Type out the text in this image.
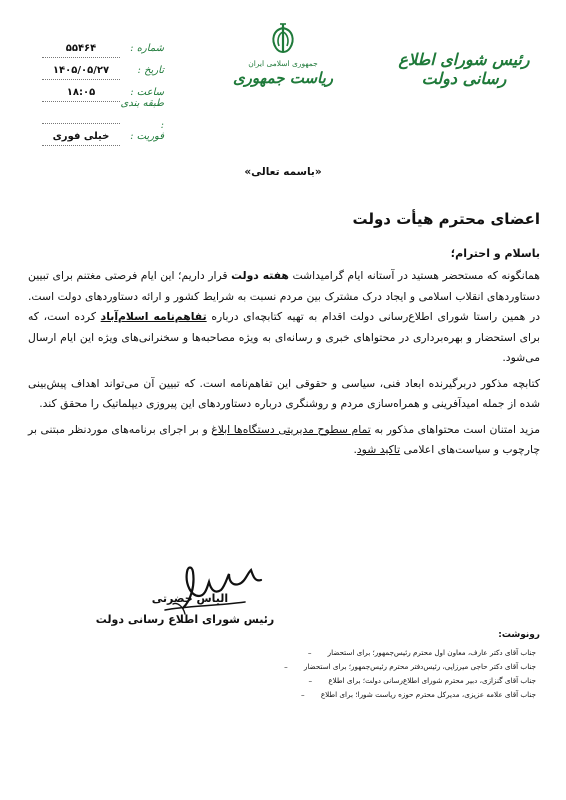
رئیس شورای اطلاع رسانی دولت
جمهوری اسلامی ایران
ریاست جمهوری
شماره :
۵۵۴۶۴
تاریخ :
۱۴۰۵/۰۵/۲۷
ساعت :
۱۸:۰۵
طبقه بندی :
فوریت :
خیلی فوری
«باسمه تعالی»
اعضای محترم هیأت دولت
باسلام و احترام؛

همانگونه که مستحضر هستید در آستانه ایام گرامیداشت هفته دولت قرار داریم؛ این ایام فرصتی مغتنم برای تبیین دستاوردهای انقلاب اسلامی و ایجاد درک مشترک بین مردم نسبت به شرایط کشور و ارائه دستاوردهای دولت است. در همین راستا شورای اطلاع‌رسانی دولت اقدام به تهیه کتابچه‌ای درباره تفاهم‌نامه اسلام‌آباد کرده است، که برای استحضار و بهره‌برداری در محتواهای خبری و رسانه‌ای به ویژه مصاحبه‌ها و سخنرانی‌های ویژه این ایام ارسال می‌شود.

کتابچه مذکور دربرگیرنده ابعاد فنی، سیاسی و حقوقی این تفاهم‌نامه است. که تبیین آن می‌تواند اهداف پیش‌بینی شده از جمله امیدآفرینی و همراه‌سازی مردم و روشنگری درباره دستاوردهای این پیروزی دیپلماتیک را محقق کند.

مزید امتنان است محتواهای مذکور به تمام سطوح مدیریتی دستگاه‌ها ابلاغ و بر اجرای برنامه‌های موردنظر مبتنی بر چارچوب و سیاست‌های اعلامی تاکید شود.

الیاس حضرتی
رئیس شورای اطلاع رسانی دولت
رونوشت:
جناب آقای دکتر عارف، معاون اول محترم رئیس‌جمهور؛ برای استحضار
–
جناب آقای دکتر حاجی میرزایی، رئیس‌دفتر محترم رئیس‌جمهور؛ برای استحضار
–
جناب آقای گنزازی، دبیر محترم شورای اطلاع‌رسانی دولت؛ برای اطلاع
–
جناب آقای علامه عزیزی، مدیرکل محترم حوزه ریاست شورا؛ برای اطلاع
–
